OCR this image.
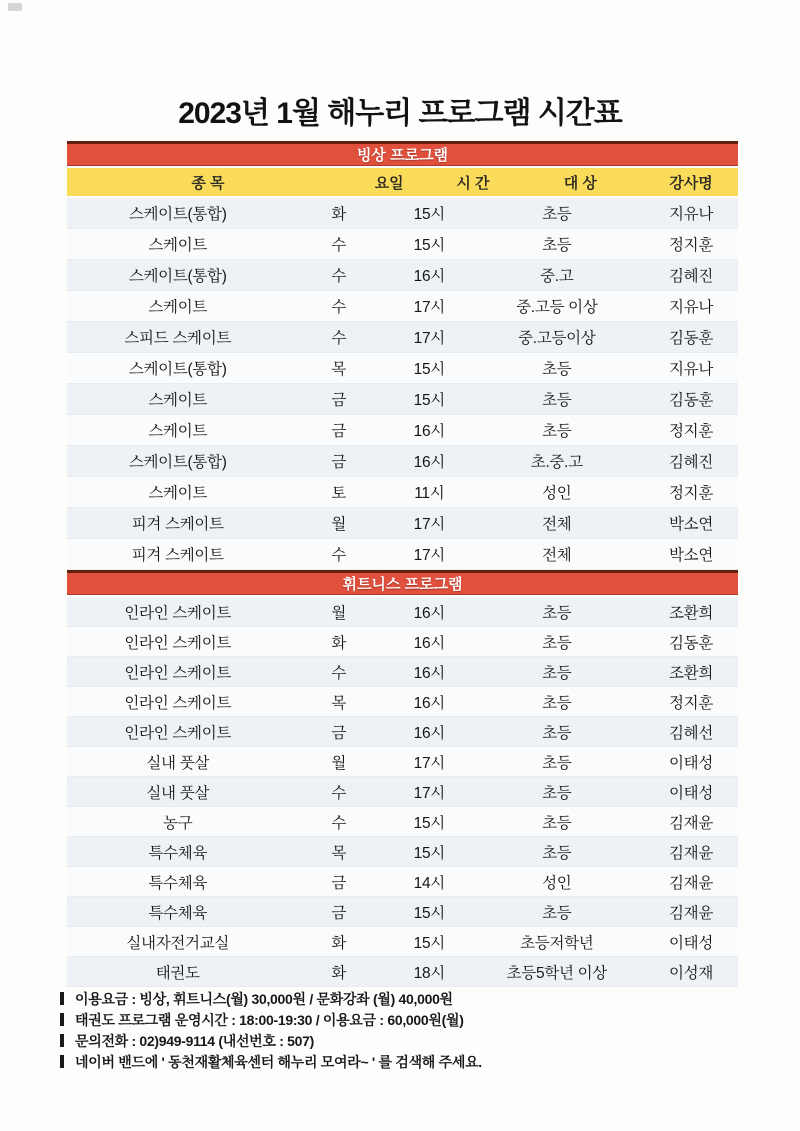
2023년 1월 해누리 프로그램 시간표
빙상 프로그램
종 목	요일	시 간	대 상	강사명
스케이트(통합)	화	15시	초등	지유나
스케이트	수	15시	초등	정지훈
스케이트(통합)	수	16시	중.고	김혜진
스케이트	수	17시	중.고등 이상	지유나
스피드 스케이트	수	17시	중.고등이상	김동훈
스케이트(통합)	목	15시	초등	지유나
스케이트	금	15시	초등	김동훈
스케이트	금	16시	초등	정지훈
스케이트(통합)	금	16시	초.중.고	김혜진
스케이트	토	11시	성인	정지훈
피겨 스케이트	월	17시	전체	박소연
피겨 스케이트	수	17시	전체	박소연
휘트니스 프로그램
인라인 스케이트	월	16시	초등	조환희
인라인 스케이트	화	16시	초등	김동훈
인라인 스케이트	수	16시	초등	조환희
인라인 스케이트	목	16시	초등	정지훈
인라인 스케이트	금	16시	초등	김혜선
실내 풋살	월	17시	초등	이태성
실내 풋살	수	17시	초등	이태성
농구	수	15시	초등	김재윤
특수체육	목	15시	초등	김재윤
특수체육	금	14시	성인	김재윤
특수체육	금	15시	초등	김재윤
실내자전거교실	화	15시	초등저학년	이태성
태권도	화	18시	초등5학년 이상	이성재
이용요금 : 빙상, 휘트니스(월) 30,000원 / 문화강좌 (월) 40,000원
태권도 프로그램 운영시간 : 18:00-19:30 / 이용요금 : 60,000원(월)
문의전화 : 02)949-9114 (내선번호 : 507)
네이버 밴드에 ' 동천재활체육센터 해누리 모여라~ ' 를 검색해 주세요.
